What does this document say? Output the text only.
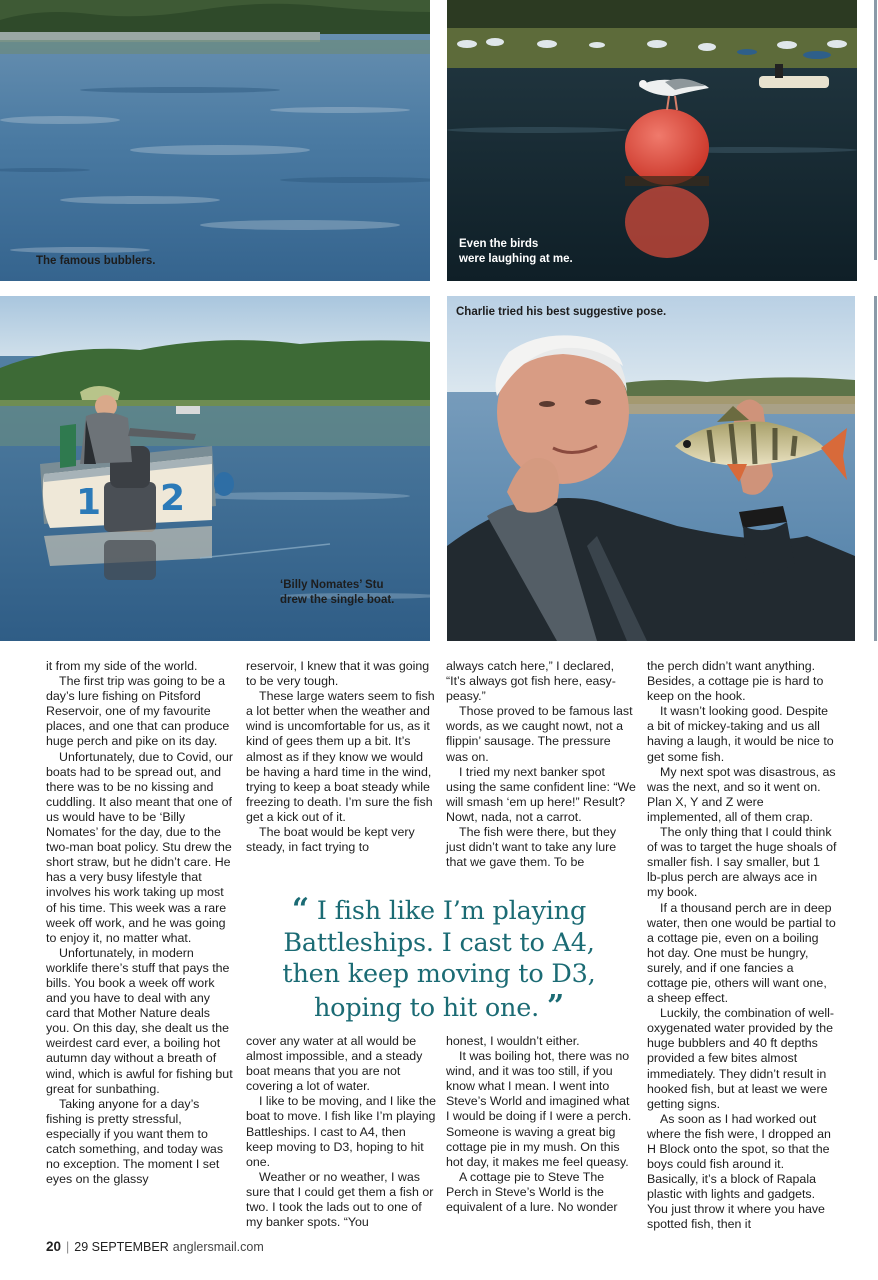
The famous bubblers.
Even the birds
were laughing at me.
1 2
‘Billy Nomates’ Stu
drew the single boat.
Charlie tried his best suggestive pose.

it from my side of the world.

The first trip was going to be a day’s lure fishing on Pitsford Reservoir, one of my favourite places, and one that can produce huge perch and pike on its day.

Unfortunately, due to Covid, our boats had to be spread out, and there was to be no kissing and cuddling. It also meant that one of us would have to be ‘Billy Nomates’ for the day, due to the two-man boat policy. Stu drew the short straw, but he didn’t care. He has a very busy lifestyle that involves his work taking up most of his time. This week was a rare week off work, and he was going to enjoy it, no matter what.

Unfortunately, in modern worklife there’s stuff that pays the bills. You book a week off work and you have to deal with any card that Mother Nature deals you. On this day, she dealt us the weirdest card ever, a boiling hot autumn day without a breath of wind, which is awful for fishing but great for sunbathing.

Taking anyone for a day’s fishing is pretty stressful, especially if you want them to catch something, and today was no exception. The moment I set eyes on the glassy

reservoir, I knew that it was going to be very tough.

These large waters seem to fish a lot better when the weather and wind is uncomfortable for us, as it kind of gees them up a bit. It’s almost as if they know we would be having a hard time in the wind, trying to keep a boat steady while freezing to death. I’m sure the fish get a kick out of it.

The boat would be kept very steady, in fact trying to

cover any water at all would be almost impossible, and a steady boat means that you are not covering a lot of water.

I like to be moving, and I like the boat to move. I fish like I’m playing Battleships. I cast to A4, then keep moving to D3, hoping to hit one.

Weather or no weather, I was sure that I could get them a fish or two. I took the lads out to one of my banker spots. “You

always catch here,” I declared, “It’s always got fish here, easy-peasy.”

Those proved to be famous last words, as we caught nowt, not a flippin’ sausage. The pressure was on.

I tried my next banker spot using the same confident line: “We will smash ‘em up here!” Result? Nowt, nada, not a carrot.

The fish were there, but they just didn’t want to take any lure that we gave them. To be

honest, I wouldn’t either.

It was boiling hot, there was no wind, and it was too still, if you know what I mean. I went into Steve’s World and imagined what I would be doing if I were a perch. Someone is waving a great big cottage pie in my mush. On this hot day, it makes me feel queasy.

A cottage pie to Steve The Perch in Steve’s World is the equivalent of a lure. No wonder

the perch didn’t want anything. Besides, a cottage pie is hard to keep on the hook.

It wasn’t looking good. Despite a bit of mickey-taking and us all having a laugh, it would be nice to get some fish.

My next spot was disastrous, as was the next, and so it went on. Plan X, Y and Z were implemented, all of them crap.

The only thing that I could think of was to target the huge shoals of smaller fish. I say smaller, but 1 lb-plus perch are always ace in my book.

If a thousand perch are in deep water, then one would be partial to a cottage pie, even on a boiling hot day. One must be hungry, surely, and if one fancies a cottage pie, others will want one, a sheep effect.

Luckily, the combination of well-oxygenated water provided by the huge bubblers and 40 ft depths provided a few bites almost immediately. They didn’t result in hooked fish, but at least we were getting signs.

As soon as I had worked out where the fish were, I dropped an H Block onto the spot, so that the boys could fish around it. Basically, it’s a block of Rapala plastic with lights and gadgets. You just throw it where you have spotted fish, then it

“ I fish like I’m playing Battleships. I cast to A4, then keep moving to D3, hoping to hit one. ”
20 | 29 SEPTEMBER anglersmail.com
